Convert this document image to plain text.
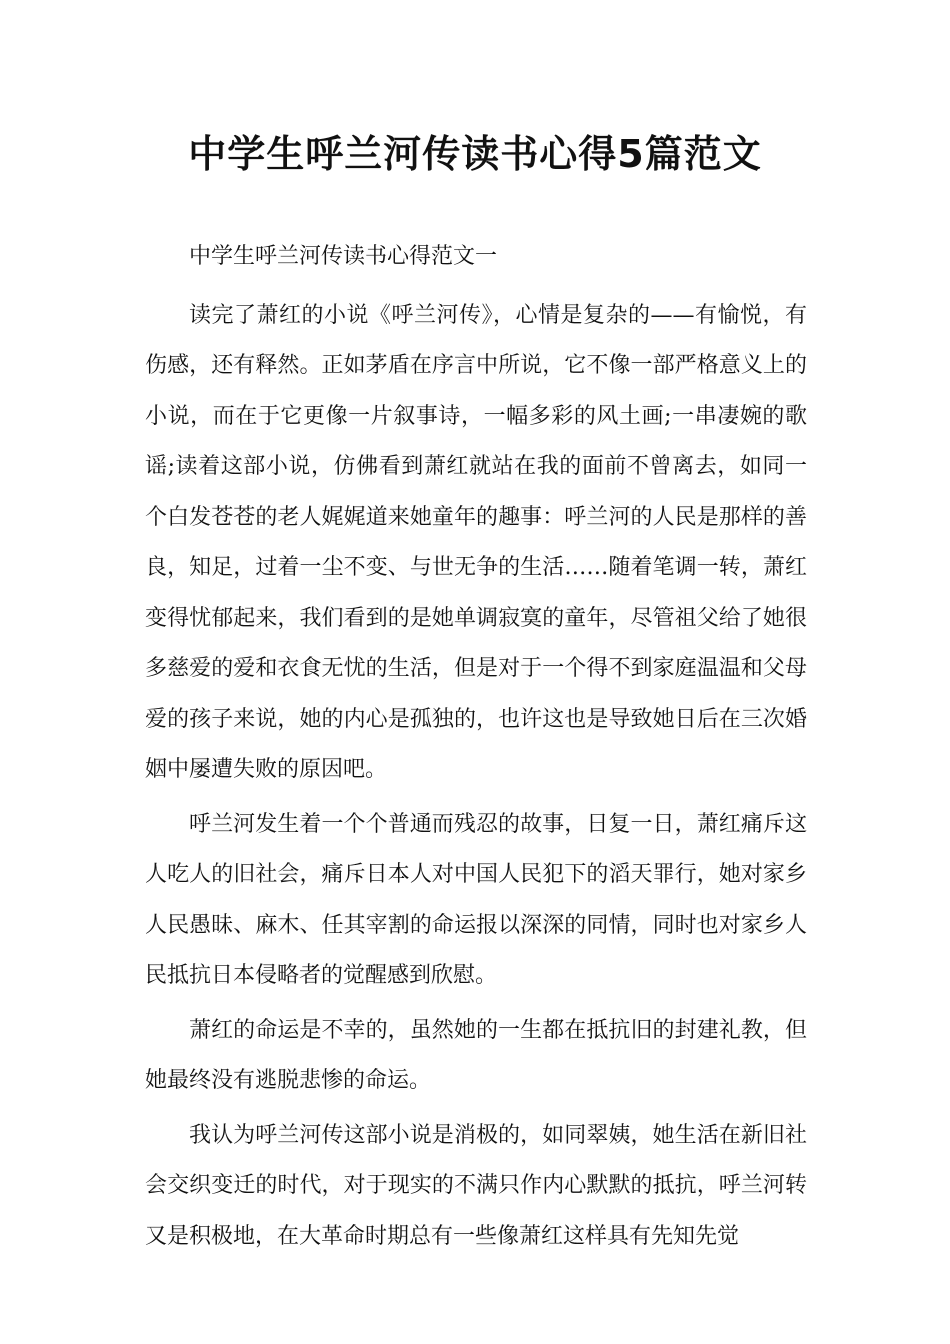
中学生呼兰河传读书心得5篇范文

中学生呼兰河传读书心得范文一

读完了萧红的小说《呼兰河传》，心情是复杂的——有愉悦，有伤感，还有释然。正如茅盾在序言中所说，它不像一部严格意义上的小说，而在于它更像一片叙事诗，一幅多彩的风土画;一串凄婉的歌谣;读着这部小说，仿佛看到萧红就站在我的面前不曾离去，如同一个白发苍苍的老人娓娓道来她童年的趣事：呼兰河的人民是那样的善良，知足，过着一尘不变、与世无争的生活……随着笔调一转，萧红变得忧郁起来，我们看到的是她单调寂寞的童年，尽管祖父给了她很多慈爱的爱和衣食无忧的生活，但是对于一个得不到家庭温温和父母爱的孩子来说，她的内心是孤独的，也许这也是导致她日后在三次婚姻中屡遭失败的原因吧。

呼兰河发生着一个个普通而残忍的故事，日复一日，萧红痛斥这人吃人的旧社会，痛斥日本人对中国人民犯下的滔天罪行，她对家乡人民愚昧、麻木、任其宰割的命运报以深深的同情，同时也对家乡人民抵抗日本侵略者的觉醒感到欣慰。

萧红的命运是不幸的，虽然她的一生都在抵抗旧的封建礼教，但她最终没有逃脱悲惨的命运。

我认为呼兰河传这部小说是消极的，如同翠姨，她生活在新旧社会交织变迁的时代，对于现实的不满只作内心默默的抵抗，呼兰河转又是积极地，在大革命时期总有一些像萧红这样具有先知先觉
